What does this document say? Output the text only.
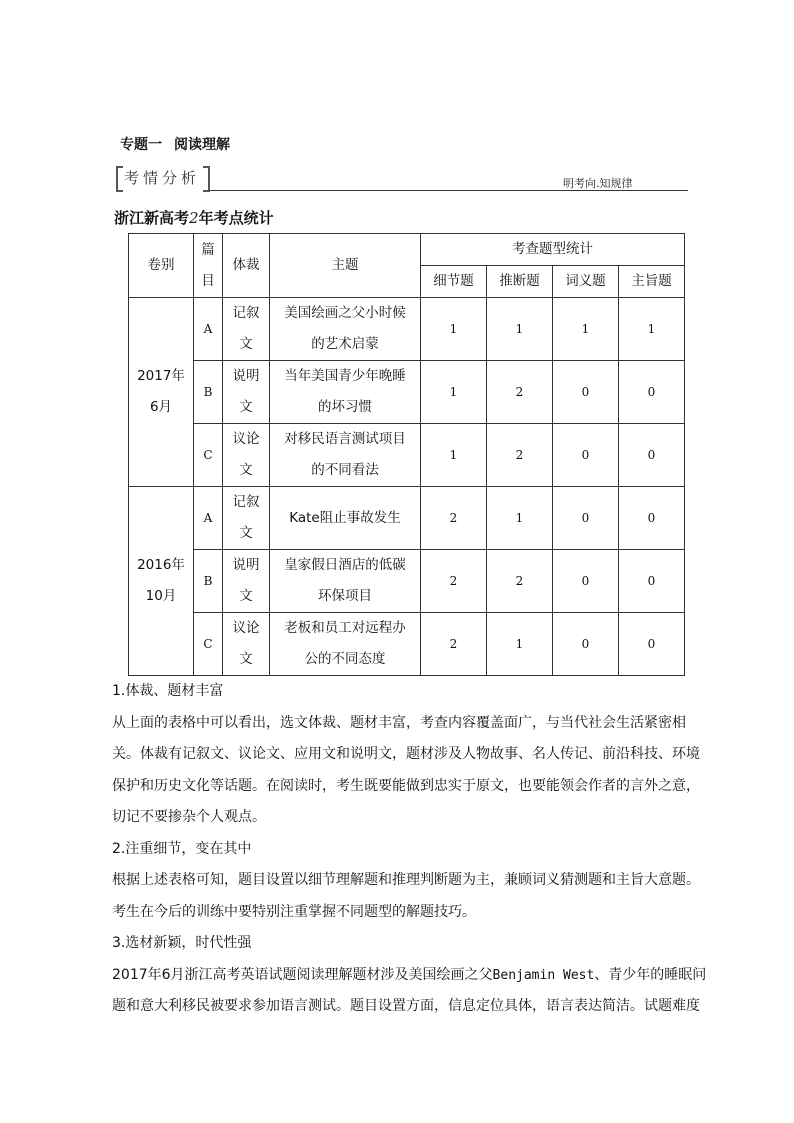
专题一 阅读理解
考情分析	明考向.知规律
浙江新高考2年考点统计
卷别	篇目	体裁	主题	考查题型统计			
				细节题	推断题	词义题	主旨题

2017年
6月	A	记叙文	美国绘画之父小时候的艺术启蒙	1	1	1	1
	B	说明文	当年美国青少年晚睡的坏习惯	1	2	0	0
	C	议论文	对移民语言测试项目的不同看法	1	2	0	0

2016年
10月	A	记叙文	Kate阻止事故发生	2	1	0	0
	B	说明文	皇家假日酒店的低碳环保项目	2	2	0	0
	C	议论文	老板和员工对远程办公的不同态度	2	1	0	0

1.体裁、题材丰富

从上面的表格中可以看出，选文体裁、题材丰富，考查内容覆盖面广，与当代社会生活紧密相关。体裁有记叙文、议论文、应用文和说明文，题材涉及人物故事、名人传记、前沿科技、环境保护和历史文化等话题。在阅读时，考生既要能做到忠实于原文，也要能领会作者的言外之意，切记不要掺杂个人观点。

2.注重细节，变在其中

根据上述表格可知，题目设置以细节理解题和推理判断题为主，兼顾词义猜测题和主旨大意题。考生在今后的训练中要特别注重掌握不同题型的解题技巧。

3.选材新颖，时代性强

2017年6月浙江高考英语试题阅读理解题材涉及美国绘画之父Benjamin West、青少年的睡眠问题和意大利移民被要求参加语言测试。题目设置方面，信息定位具体，语言表达简洁。试题难度
